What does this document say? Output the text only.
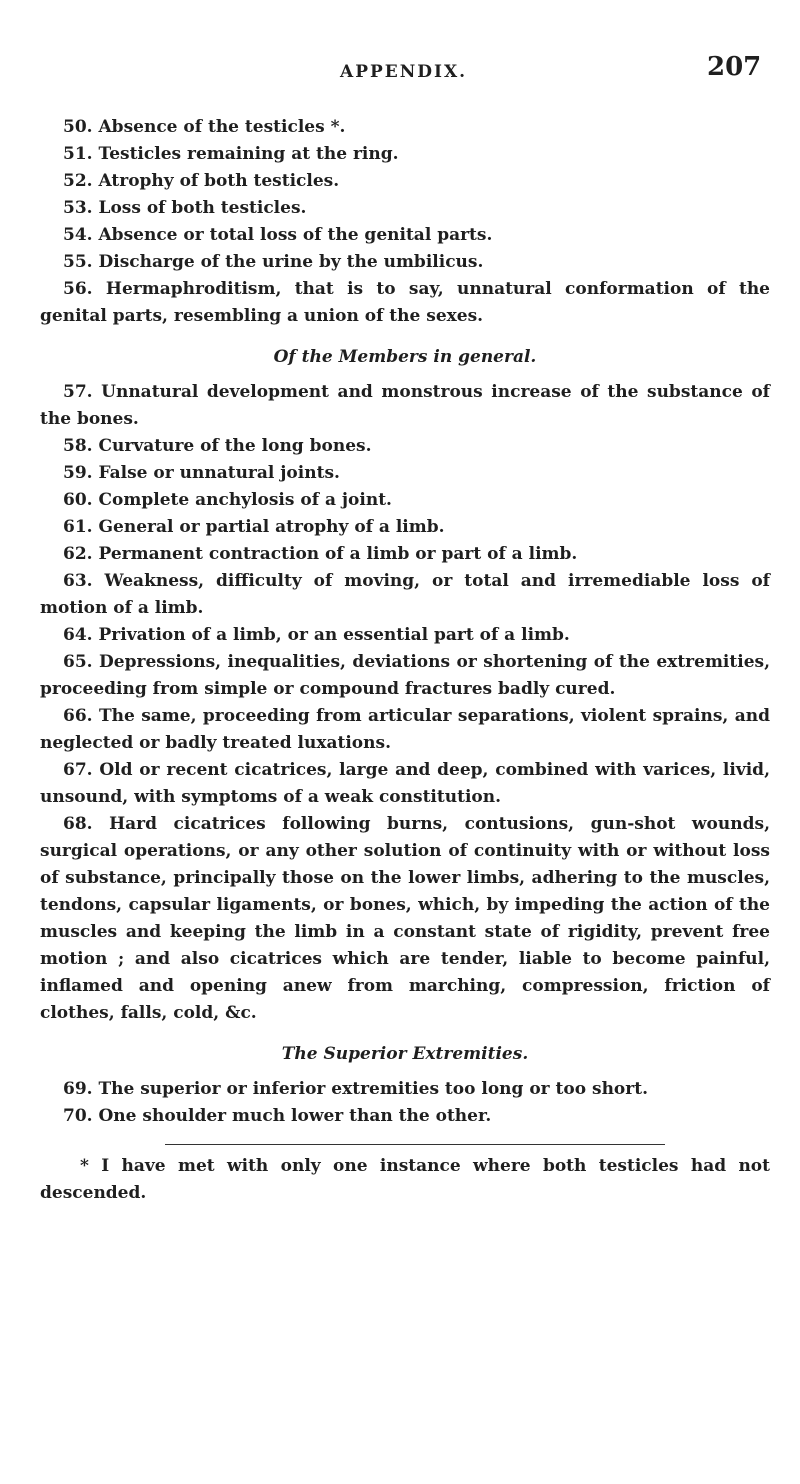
APPENDIX.	207

50. Absence of the testicles *.

51. Testicles remaining at the ring.

52. Atrophy of both testicles.

53. Loss of both testicles.

54. Absence or total loss of the genital parts.

55. Discharge of the urine by the umbilicus.

56. Hermaphroditism, that is to say, unnatural conformation of the genital parts, resembling a union of the sexes.

Of the Members in general.

57. Unnatural development and monstrous increase of the substance of the bones.

58. Curvature of the long bones.

59. False or unnatural joints.

60. Complete anchylosis of a joint.

61. General or partial atrophy of a limb.

62. Permanent contraction of a limb or part of a limb.

63. Weakness, difficulty of moving, or total and irremediable loss of motion of a limb.

64. Privation of a limb, or an essential part of a limb.

65. Depressions, inequalities, deviations or shortening of the extremities, proceeding from simple or compound fractures badly cured.

66. The same, proceeding from articular separations, violent sprains, and neglected or badly treated luxations.

67. Old or recent cicatrices, large and deep, combined with varices, livid, unsound, with symptoms of a weak constitution.

68. Hard cicatrices following burns, contusions, gun-shot wounds, surgical operations, or any other solution of continuity with or without loss of substance, principally those on the lower limbs, adhering to the muscles, tendons, capsular ligaments, or bones, which, by impeding the action of the muscles and keeping the limb in a constant state of rigidity, prevent free motion ; and also cicatrices which are tender, liable to become painful, inflamed and opening anew from marching, compression, friction of clothes, falls, cold, &c.

The Superior Extremities.

69. The superior or inferior extremities too long or too short.

70. One shoulder much lower than the other.

* I have met with only one instance where both testicles had not descended.
